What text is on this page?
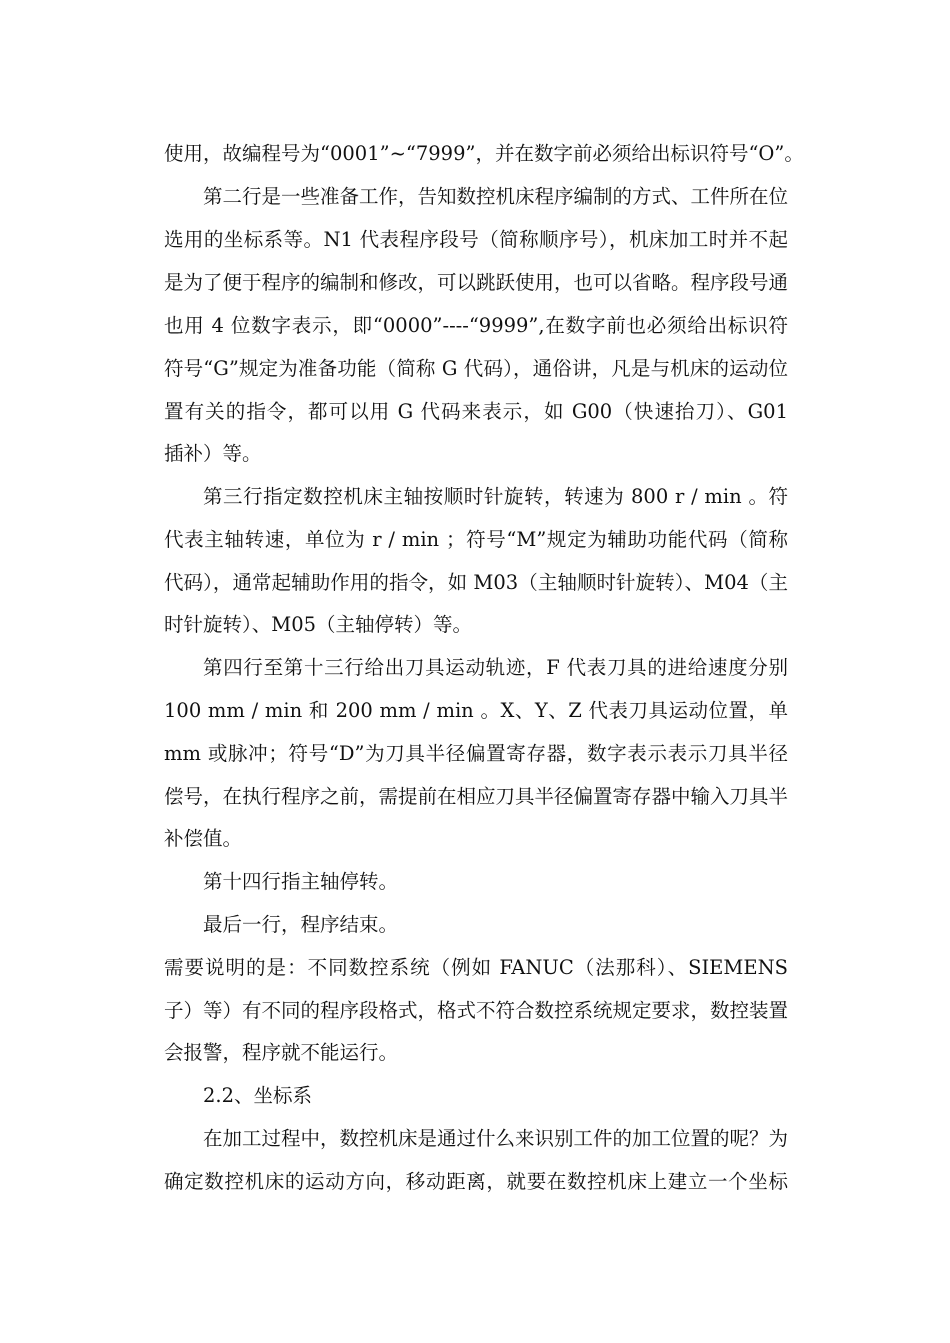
使用，故编程号为“0001”~“7999”，并在数字前必须给出标识符号“O”。
第二行是一些准备工作，告知数控机床程序编制的方式、工件所在位
选用的坐标系等。N1 代表程序段号（简称顺序号），机床加工时并不起
是为了便于程序的编制和修改，可以跳跃使用，也可以省略。程序段号通
也用 4 位数字表示，即“0000”----“9999”,在数字前也必须给出标识符
符号“G”规定为准备功能（简称 G 代码），通俗讲，凡是与机床的运动位
置有关的指令，都可以用 G 代码来表示，如 G00（快速抬刀）、G01
插补）等。
第三行指定数控机床主轴按顺时针旋转，转速为 800 r / min 。符
代表主轴转速，单位为 r / min ；符号“M”规定为辅助功能代码（简称
代码），通常起辅助作用的指令，如 M03（主轴顺时针旋转）、M04（主
时针旋转）、M05（主轴停转）等。
第四行至第十三行给出刀具运动轨迹，F 代表刀具的进给速度分别
100 mm / min 和 200 mm / min 。X、Y、Z 代表刀具运动位置，单
mm 或脉冲；符号“D”为刀具半径偏置寄存器，数字表示表示刀具半径
偿号，在执行程序之前，需提前在相应刀具半径偏置寄存器中输入刀具半
补偿值。
第十四行指主轴停转。
最后一行，程序结束。
需要说明的是：不同数控系统（例如 FANUC（法那科）、SIEMENS
子）等）有不同的程序段格式，格式不符合数控系统规定要求，数控装置
会报警，程序就不能运行。
2.2、坐标系
在加工过程中，数控机床是通过什么来识别工件的加工位置的呢？为
确定数控机床的运动方向，移动距离，就要在数控机床上建立一个坐标
